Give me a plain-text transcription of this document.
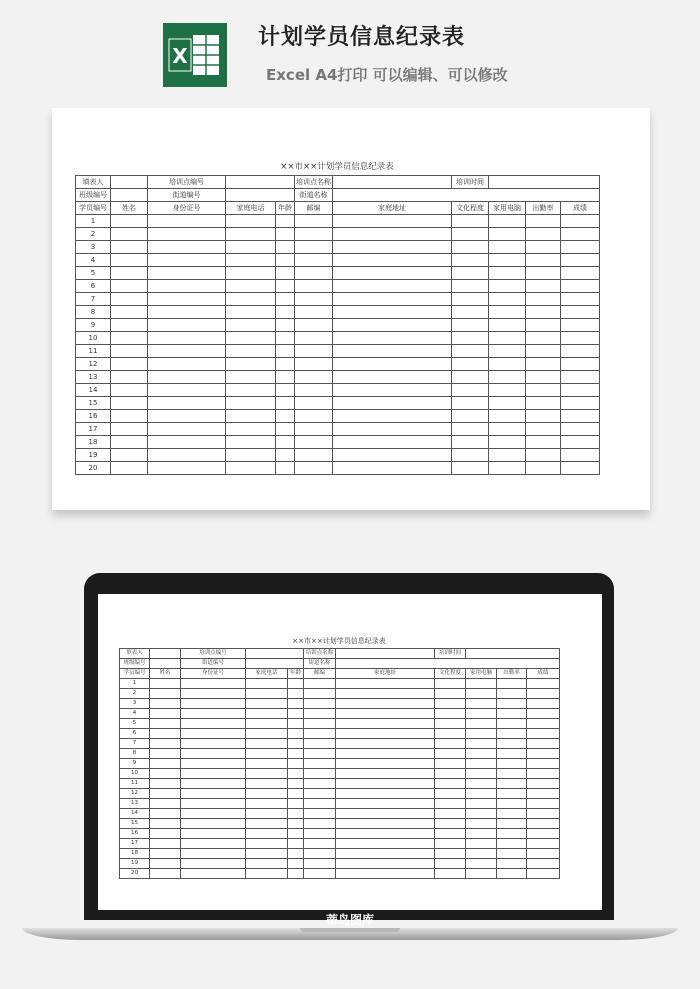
X
计划学员信息纪录表
Excel A4打印 可以编辑、可以修改
××市××计划学员信息纪录表
填表人		培训点编号			培训点名称		培训时间			
班级编号		街道编号			街道名称					
学员编号	姓名	身份证号	家庭电话	年龄	邮编	家庭地址	文化程度	家用电脑	出勤率	成绩
1										
2										
3										
4										
5										
6										
7										
8										
9										
10										
11										
12										
13										
14										
15										
16										
17										
18										
19										
20										
××市××计划学员信息纪录表
填表人		培训点编号			培训点名称		培训时间			
班级编号		街道编号			街道名称					
学员编号	姓名	身份证号	家庭电话	年龄	邮编	家庭地址	文化程度	家用电脑	出勤率	成绩
1										
2										
3										
4										
5										
6										
7										
8										
9										
10										
11										
12										
13										
14										
15										
16										
17										
18										
19										
20										
蒂鸟图库
